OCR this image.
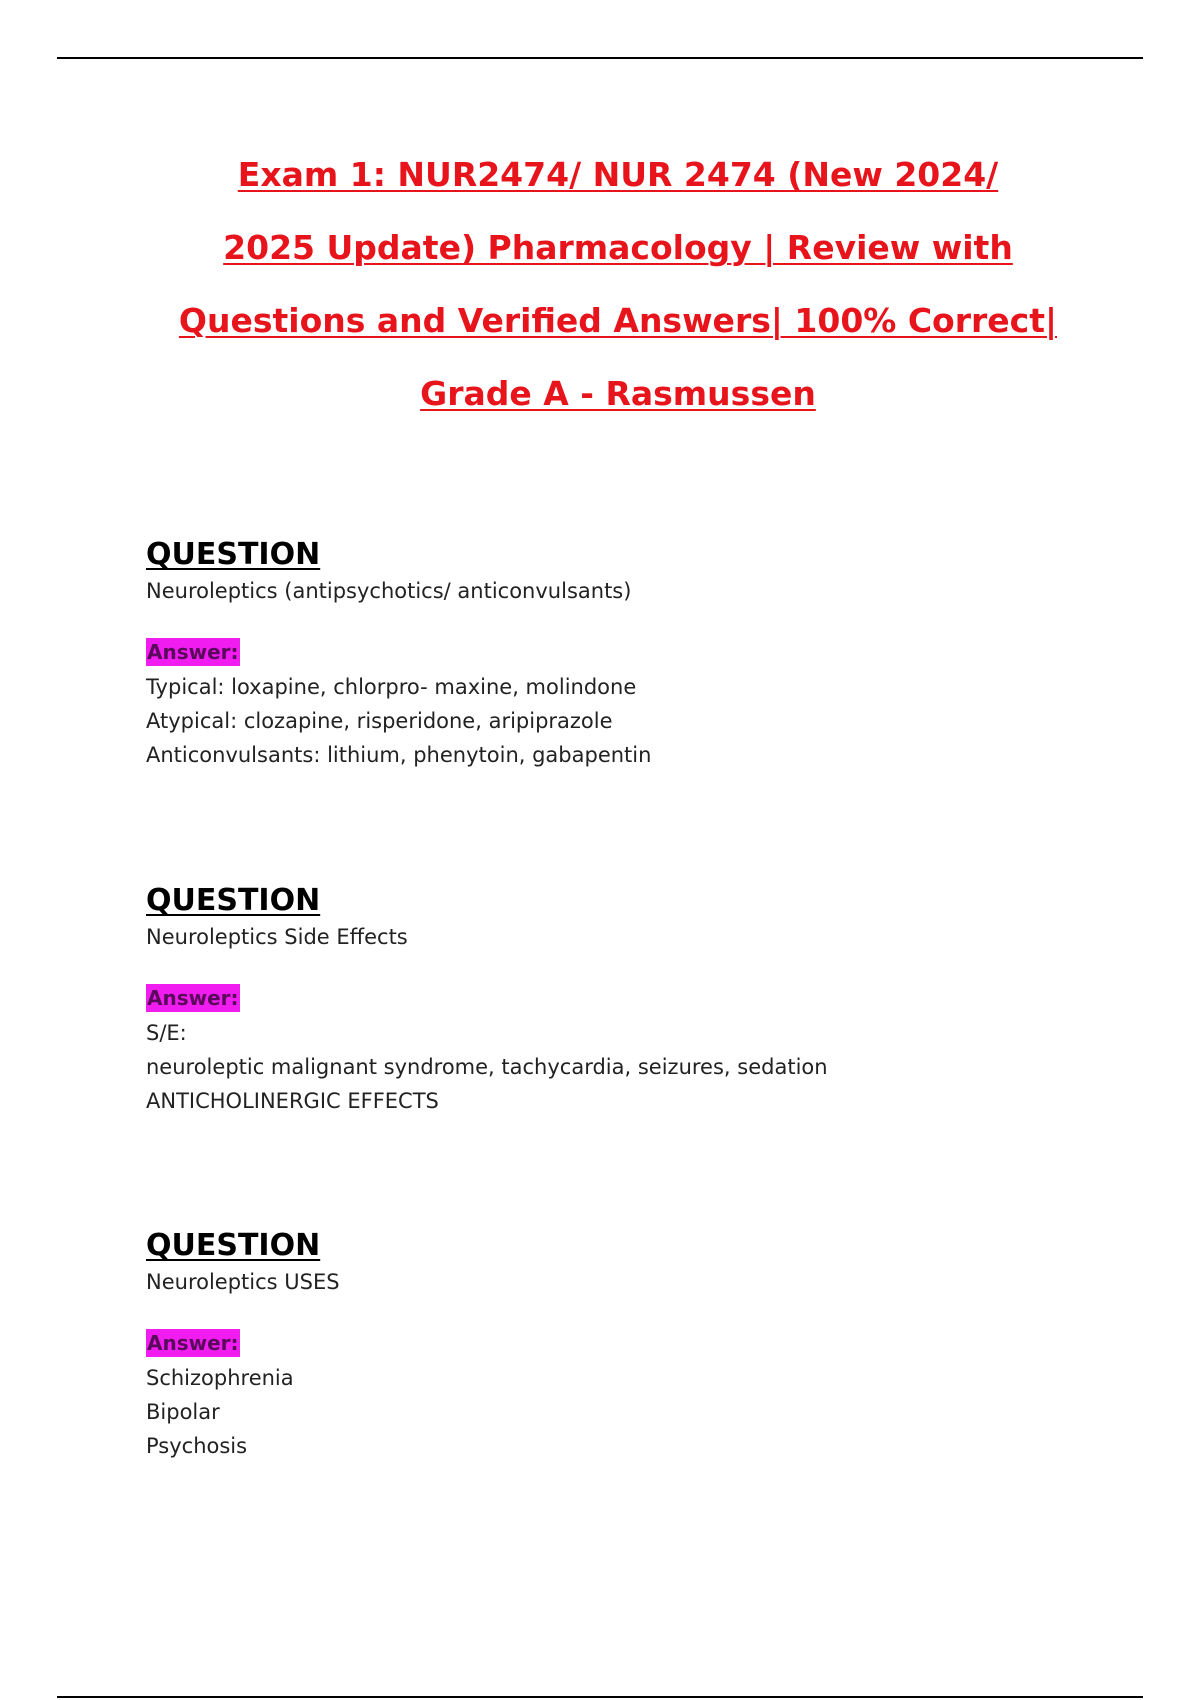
Exam 1: NUR2474/ NUR 2474 (New 2024/
2025 Update) Pharmacology | Review with
Questions and Verified Answers| 100% Correct|
Grade A - Rasmussen
QUESTION
Neuroleptics (antipsychotics/ anticonvulsants)
Answer:
Typical: loxapine, chlorpro- maxine, molindone
Atypical: clozapine, risperidone, aripiprazole
Anticonvulsants: lithium, phenytoin, gabapentin
QUESTION
Neuroleptics Side Effects
Answer:
S/E:
neuroleptic malignant syndrome, tachycardia, seizures, sedation
ANTICHOLINERGIC EFFECTS
QUESTION
Neuroleptics USES
Answer:
Schizophrenia
Bipolar
Psychosis
